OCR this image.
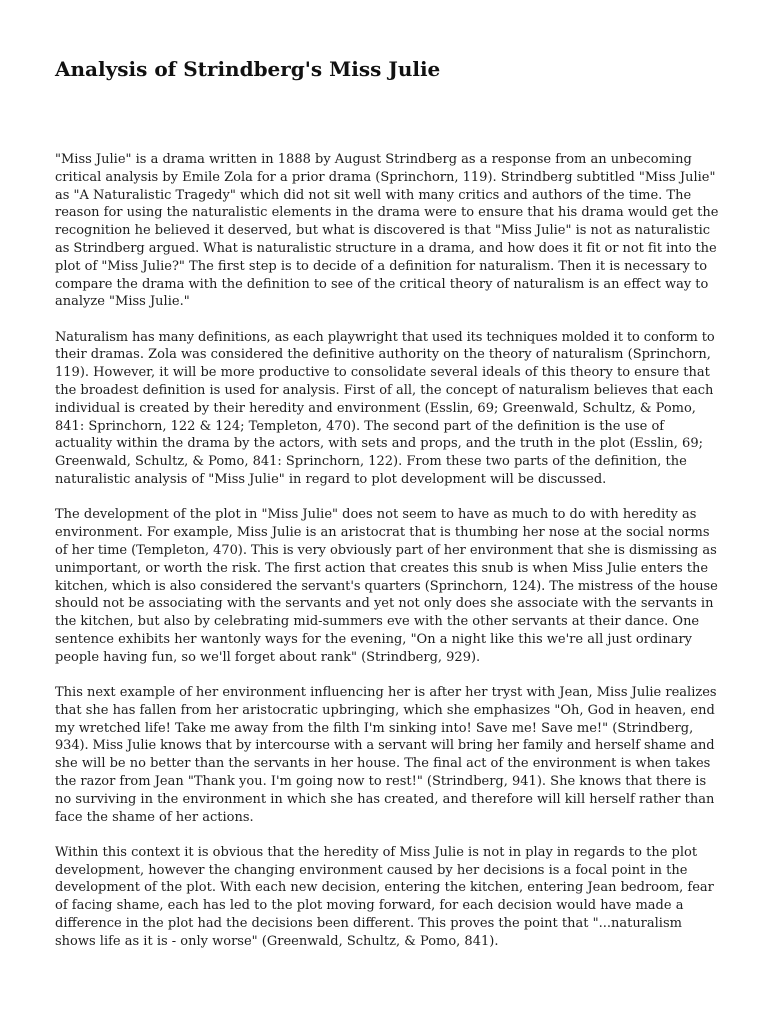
Analysis of Strindberg's Miss Julie

"Miss Julie" is a drama written in 1888 by August Strindberg as a response from an unbecoming
critical analysis by Emile Zola for a prior drama (Sprinchorn, 119). Strindberg subtitled "Miss Julie"
as "A Naturalistic Tragedy" which did not sit well with many critics and authors of the time. The
reason for using the naturalistic elements in the drama were to ensure that his drama would get the
recognition he believed it deserved, but what is discovered is that "Miss Julie" is not as naturalistic
as Strindberg argued. What is naturalistic structure in a drama, and how does it fit or not fit into the
plot of "Miss Julie?" The first step is to decide of a definition for naturalism. Then it is necessary to
compare the drama with the definition to see of the critical theory of naturalism is an effect way to
analyze "Miss Julie."

Naturalism has many definitions, as each playwright that used its techniques molded it to conform to
their dramas. Zola was considered the definitive authority on the theory of naturalism (Sprinchorn,
119). However, it will be more productive to consolidate several ideals of this theory to ensure that
the broadest definition is used for analysis. First of all, the concept of naturalism believes that each
individual is created by their heredity and environment (Esslin, 69; Greenwald, Schultz, & Pomo,
841: Sprinchorn, 122 & 124; Templeton, 470). The second part of the definition is the use of
actuality within the drama by the actors, with sets and props, and the truth in the plot (Esslin, 69;
Greenwald, Schultz, & Pomo, 841: Sprinchorn, 122). From these two parts of the definition, the
naturalistic analysis of "Miss Julie" in regard to plot development will be discussed.

The development of the plot in "Miss Julie" does not seem to have as much to do with heredity as
environment. For example, Miss Julie is an aristocrat that is thumbing her nose at the social norms
of her time (Templeton, 470). This is very obviously part of her environment that she is dismissing as
unimportant, or worth the risk. The first action that creates this snub is when Miss Julie enters the
kitchen, which is also considered the servant's quarters (Sprinchorn, 124). The mistress of the house
should not be associating with the servants and yet not only does she associate with the servants in
the kitchen, but also by celebrating mid-summers eve with the other servants at their dance. One
sentence exhibits her wantonly ways for the evening, "On a night like this we're all just ordinary
people having fun, so we'll forget about rank" (Strindberg, 929).

This next example of her environment influencing her is after her tryst with Jean, Miss Julie realizes
that she has fallen from her aristocratic upbringing, which she emphasizes "Oh, God in heaven, end
my wretched life! Take me away from the filth I'm sinking into! Save me! Save me!" (Strindberg,
934). Miss Julie knows that by intercourse with a servant will bring her family and herself shame and
she will be no better than the servants in her house. The final act of the environment is when takes
the razor from Jean "Thank you. I'm going now to rest!" (Strindberg, 941). She knows that there is
no surviving in the environment in which she has created, and therefore will kill herself rather than
face the shame of her actions.

Within this context it is obvious that the heredity of Miss Julie is not in play in regards to the plot
development, however the changing environment caused by her decisions is a focal point in the
development of the plot. With each new decision, entering the kitchen, entering Jean bedroom, fear
of facing shame, each has led to the plot moving forward, for each decision would have made a
difference in the plot had the decisions been different. This proves the point that "...naturalism
shows life as it is - only worse" (Greenwald, Schultz, & Pomo, 841).
